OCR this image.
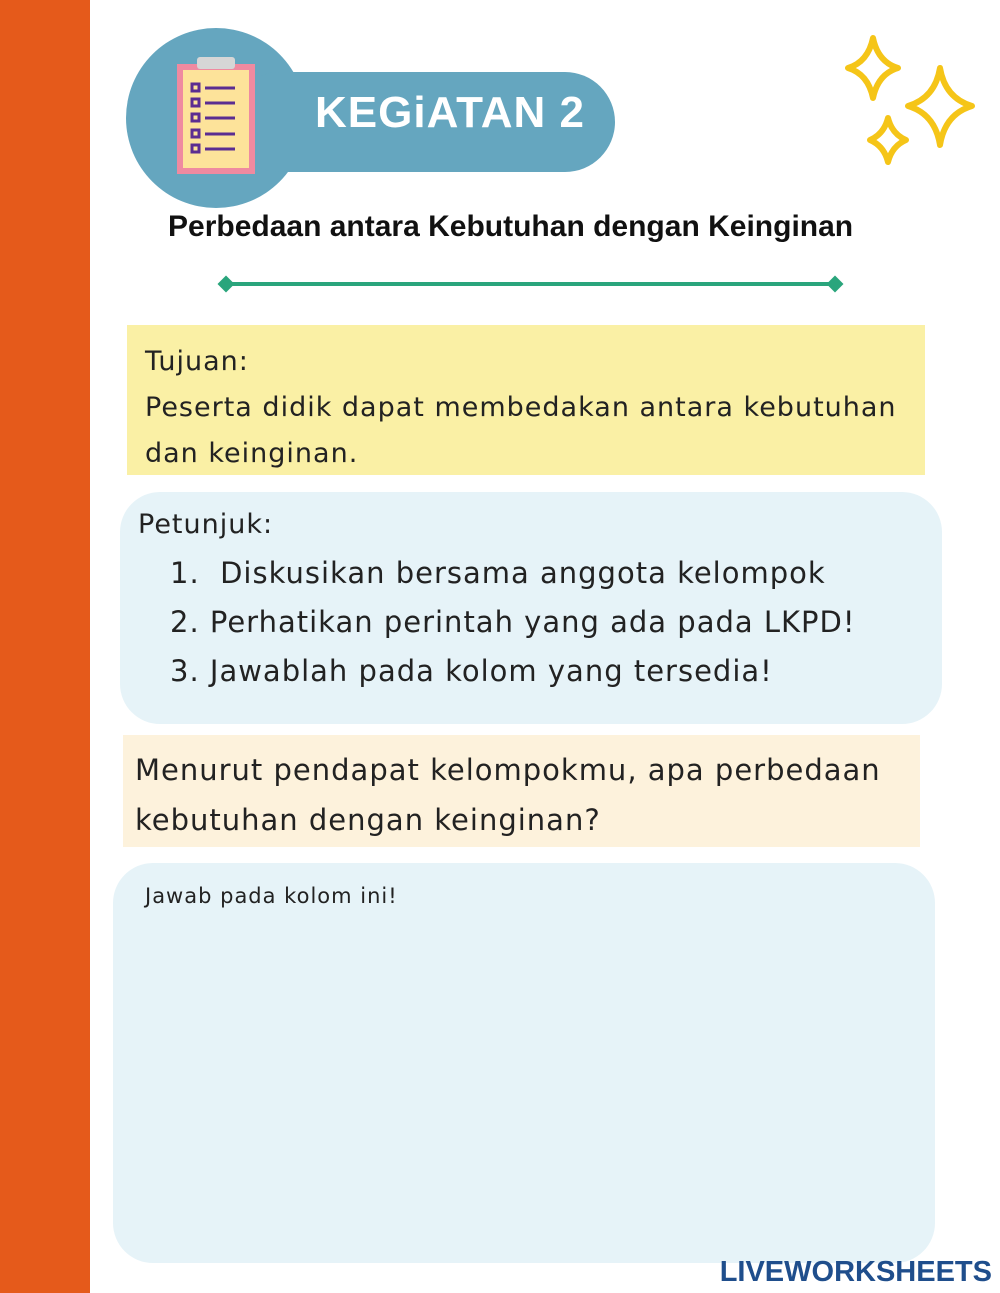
KEGiATAN 2
Perbedaan antara Kebutuhan dengan Keinginan
Tujuan:
Peserta didik dapat membedakan antara kebutuhan dan keinginan.
Petunjuk:
1.  Diskusikan bersama anggota kelompok
2. Perhatikan perintah yang ada pada LKPD!
3. Jawablah pada kolom yang tersedia!
Menurut pendapat kelompokmu, apa perbedaan kebutuhan dengan keinginan?
Jawab pada kolom ini!
LIVEWORKSHEETS
